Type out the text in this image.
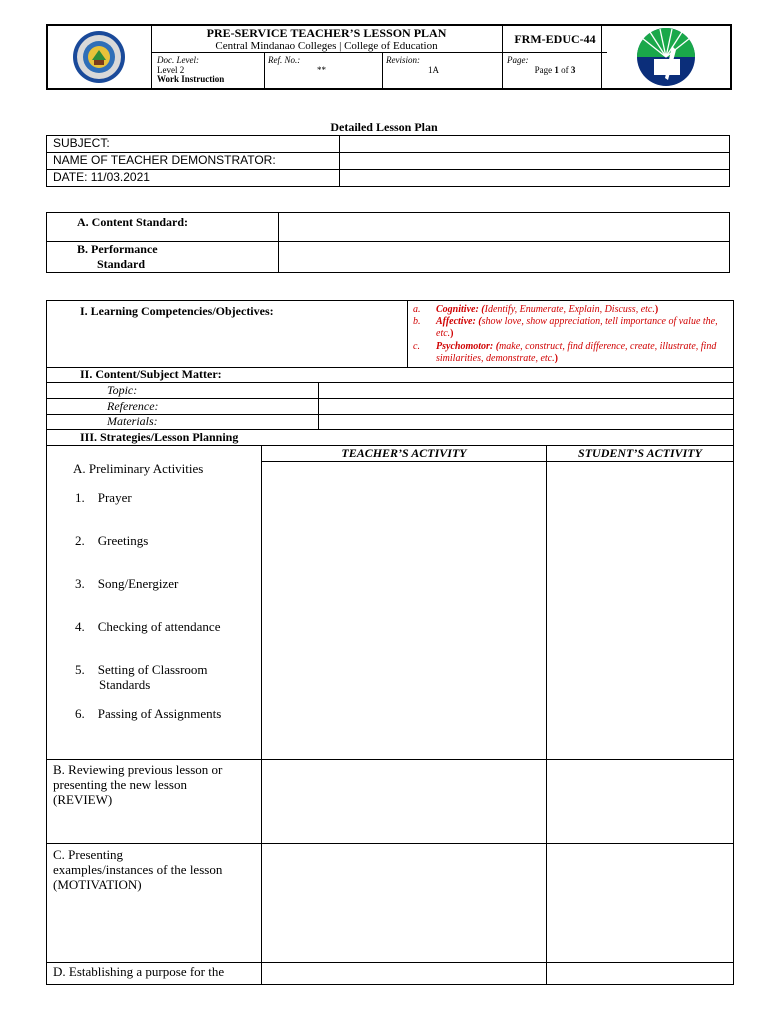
PRE-SERVICE TEACHER’S LESSON PLAN
Central Mindanao Colleges | College of Education
Doc. Level:
Level 2
Work Instruction
Ref. No.:
**
Revision:
1A
FRM-EDUC-44
Page:
Page 1 of 3
Detailed Lesson Plan
SUBJECT:	
NAME OF TEACHER DEMONSTRATOR:	
DATE: 11/03.2021	
A. Content Standard:	

B. Performance
Standard	

I. Learning Competencies/Objectives:	a. Cognitive: (Identify, Enumerate, Explain, Discuss, etc.)
b. Affective: (show love, show appreciation, tell importance of value the, etc.)
c. Psychomotor: (make, construct, find difference, create, illustrate, find similarities, demonstrate, etc.)
II. Content/Subject Matter:
Topic:
Reference:
Materials:
III. Strategies/Lesson Planning
TEACHER’S ACTIVITY	STUDENT’S ACTIVITY
A. Preliminary Activities
1.    Prayer
2.    Greetings
3.    Song/Energizer
4.    Checking of attendance
5.    Setting of Classroom
Standards
6.    Passing of Assignments
B. Reviewing previous lesson or
presenting the new lesson
(REVIEW)
C. Presenting
examples/instances of the lesson
(MOTIVATION)
D. Establishing a purpose for the
